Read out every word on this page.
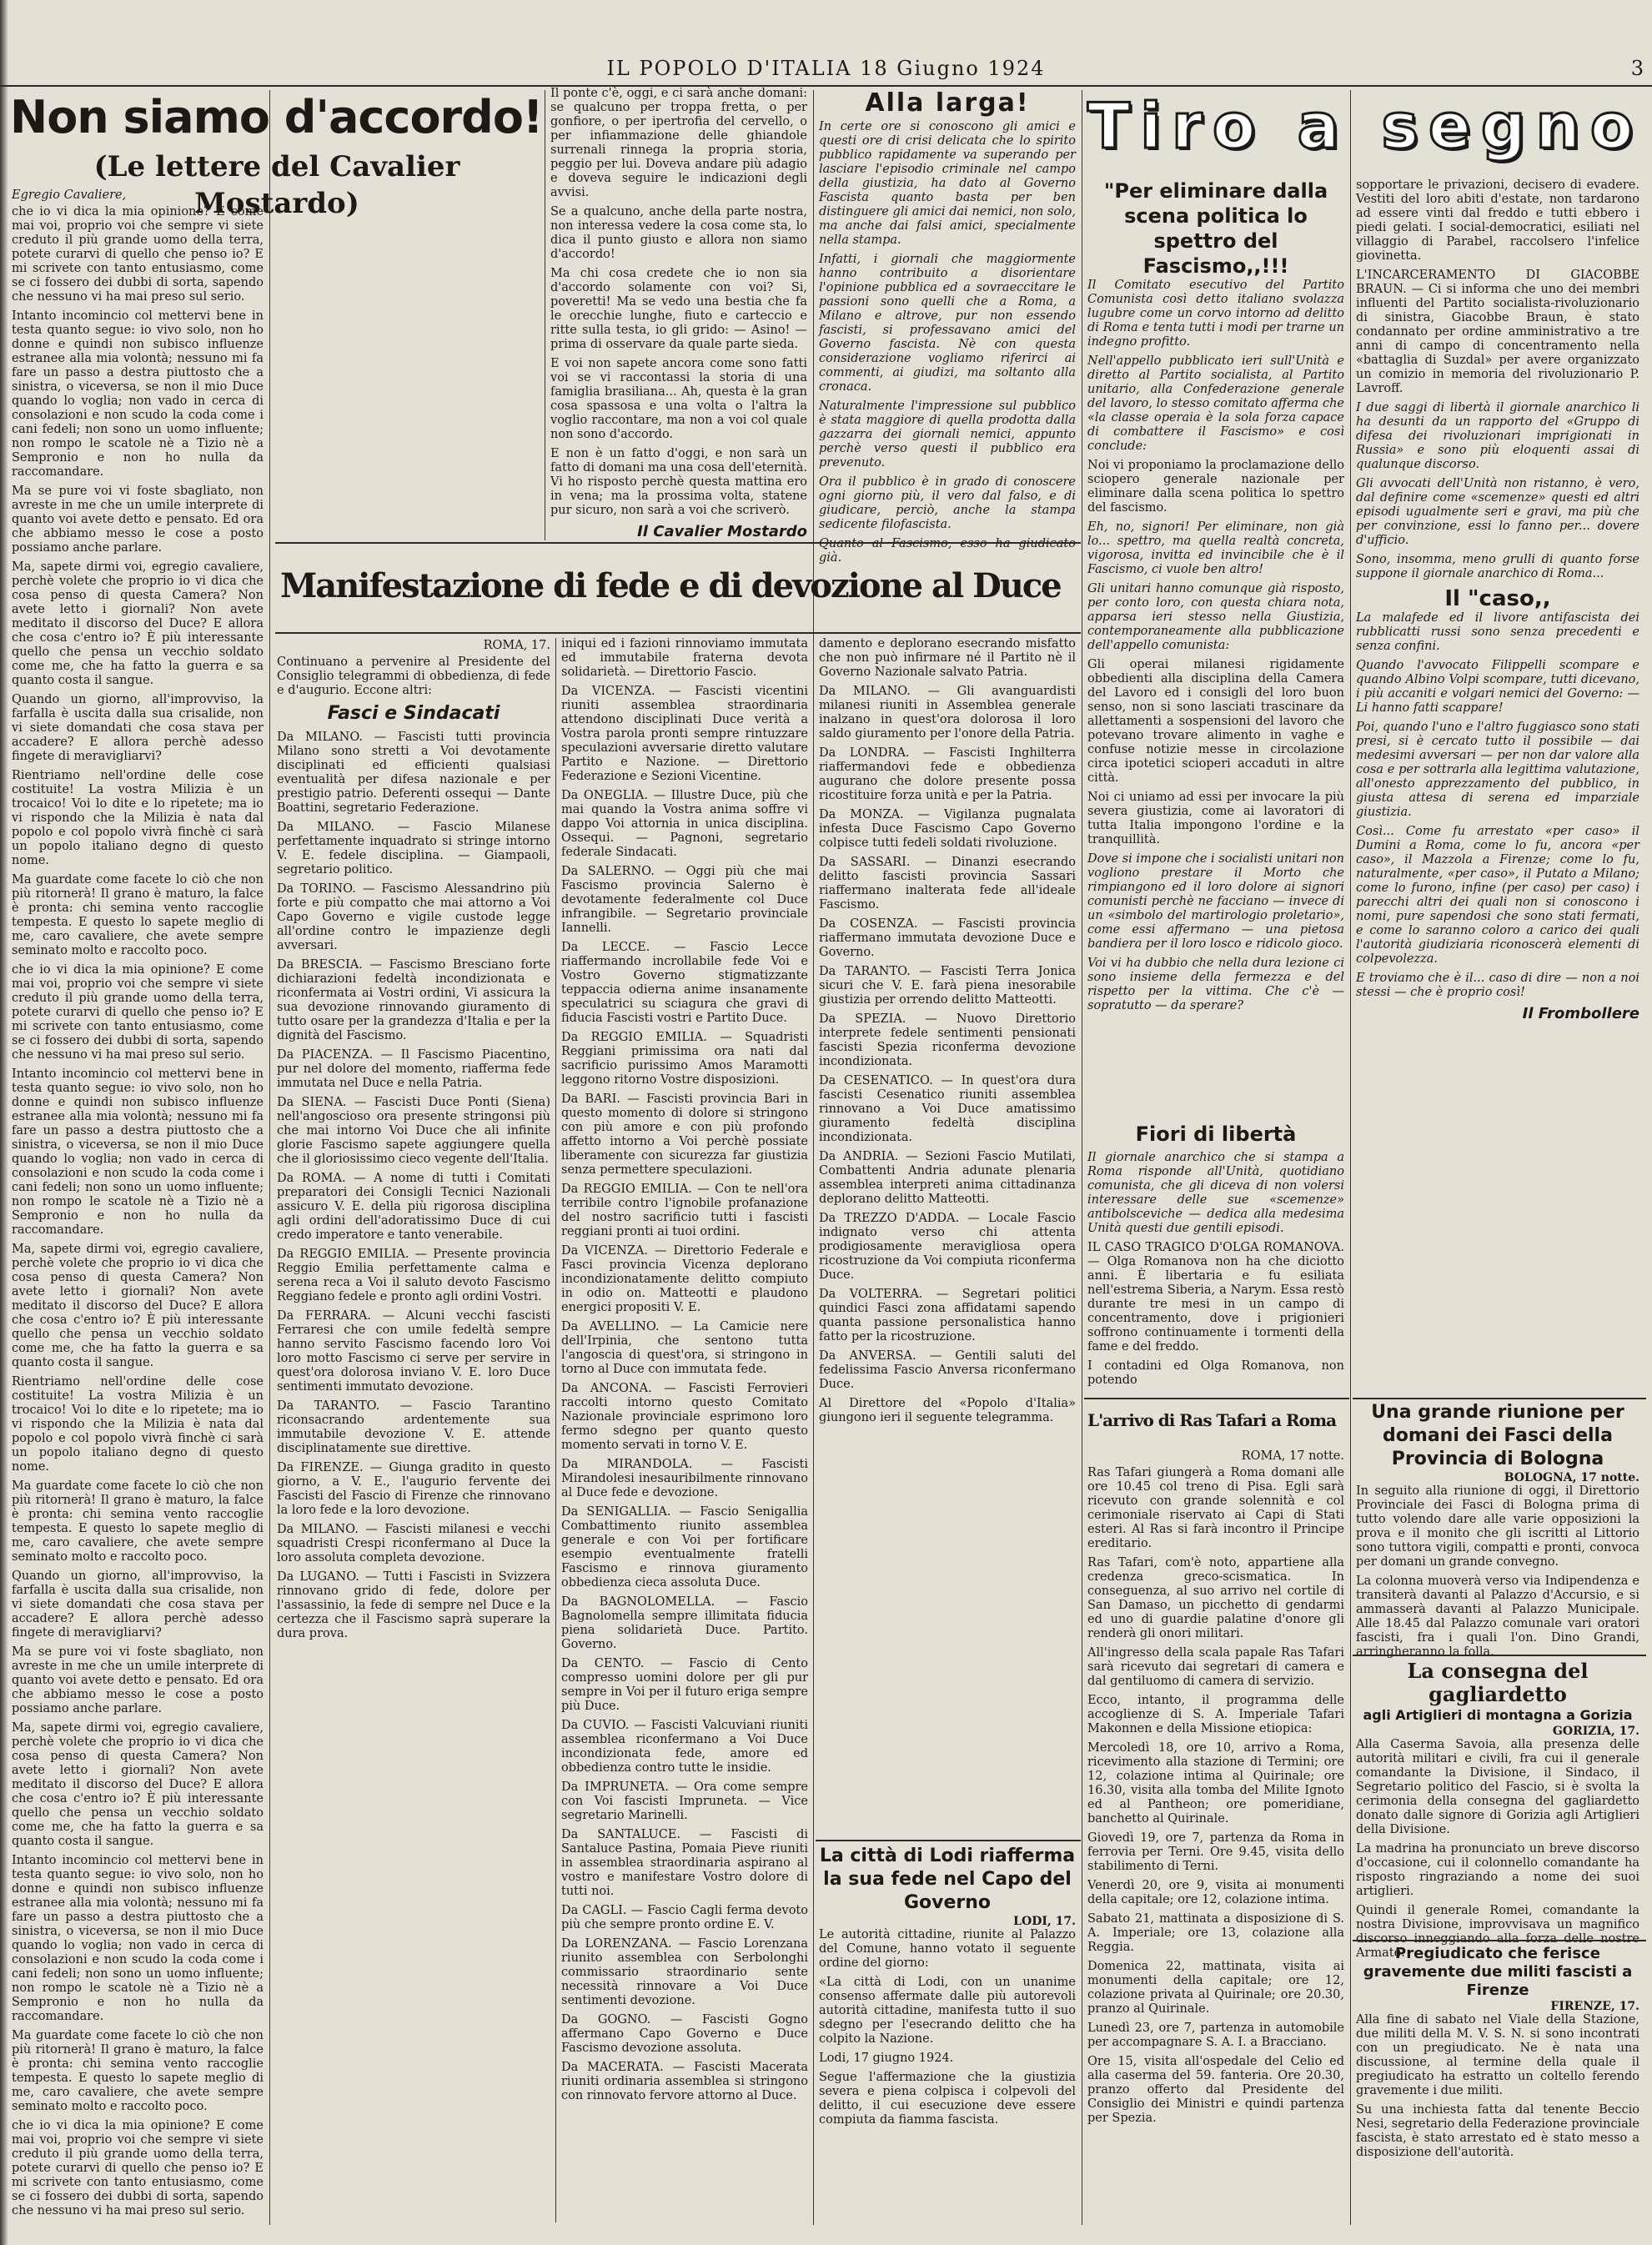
IL POPOLO D'ITALIA 18 Giugno 1924	3
Non siamo d'accordo!
(Le lettere del Cavalier Mostardo)
Egregio Cavaliere,

che io vi dica la mia opinione? E come mai voi, proprio voi che sempre vi siete creduto il più grande uomo della terra, potete curarvi di quello che penso io? E mi scrivete con tanto entusiasmo, come se ci fossero dei dubbi di sorta, sapendo che nessuno vi ha mai preso sul serio.

Intanto incomincio col mettervi bene in testa quanto segue: io vivo solo, non ho donne e quindi non subisco influenze estranee alla mia volontà; nessuno mi fa fare un passo a destra piuttosto che a sinistra, o viceversa, se non il mio Duce quando lo voglia; non vado in cerca di consolazioni e non scudo la coda come i cani fedeli; non sono un uomo influente; non rompo le scatole nè a Tizio nè a Sempronio e non ho nulla da raccomandare.

Ma se pure voi vi foste sbagliato, non avreste in me che un umile interprete di quanto voi avete detto e pensato. Ed ora che abbiamo messo le cose a posto possiamo anche parlare.

Ma, sapete dirmi voi, egregio cavaliere, perchè volete che proprio io vi dica che cosa penso di questa Camera? Non avete letto i giornali? Non avete meditato il discorso del Duce? E allora che cosa c'entro io? È più interessante quello che pensa un vecchio soldato come me, che ha fatto la guerra e sa quanto costa il sangue.

Quando un giorno, all'improvviso, la farfalla è uscita dalla sua crisalide, non vi siete domandati che cosa stava per accadere? E allora perchè adesso fingete di meravigliarvi?

Rientriamo nell'ordine delle cose costituite! La vostra Milizia è un trocaico! Voi lo dite e lo ripetete; ma io vi rispondo che la Milizia è nata dal popolo e col popolo vivrà finchè ci sarà un popolo italiano degno di questo nome.

Ma guardate come facete lo ciò che non più ritornerà! Il grano è maturo, la falce è pronta: chi semina vento raccoglie tempesta. E questo lo sapete meglio di me, caro cavaliere, che avete sempre seminato molto e raccolto poco.

che io vi dica la mia opinione? E come mai voi, proprio voi che sempre vi siete creduto il più grande uomo della terra, potete curarvi di quello che penso io? E mi scrivete con tanto entusiasmo, come se ci fossero dei dubbi di sorta, sapendo che nessuno vi ha mai preso sul serio.

Intanto incomincio col mettervi bene in testa quanto segue: io vivo solo, non ho donne e quindi non subisco influenze estranee alla mia volontà; nessuno mi fa fare un passo a destra piuttosto che a sinistra, o viceversa, se non il mio Duce quando lo voglia; non vado in cerca di consolazioni e non scudo la coda come i cani fedeli; non sono un uomo influente; non rompo le scatole nè a Tizio nè a Sempronio e non ho nulla da raccomandare.

Ma, sapete dirmi voi, egregio cavaliere, perchè volete che proprio io vi dica che cosa penso di questa Camera? Non avete letto i giornali? Non avete meditato il discorso del Duce? E allora che cosa c'entro io? È più interessante quello che pensa un vecchio soldato come me, che ha fatto la guerra e sa quanto costa il sangue.

Rientriamo nell'ordine delle cose costituite! La vostra Milizia è un trocaico! Voi lo dite e lo ripetete; ma io vi rispondo che la Milizia è nata dal popolo e col popolo vivrà finchè ci sarà un popolo italiano degno di questo nome.

Ma guardate come facete lo ciò che non più ritornerà! Il grano è maturo, la falce è pronta: chi semina vento raccoglie tempesta. E questo lo sapete meglio di me, caro cavaliere, che avete sempre seminato molto e raccolto poco.

Quando un giorno, all'improvviso, la farfalla è uscita dalla sua crisalide, non vi siete domandati che cosa stava per accadere? E allora perchè adesso fingete di meravigliarvi?

Ma se pure voi vi foste sbagliato, non avreste in me che un umile interprete di quanto voi avete detto e pensato. Ed ora che abbiamo messo le cose a posto possiamo anche parlare.

Ma, sapete dirmi voi, egregio cavaliere, perchè volete che proprio io vi dica che cosa penso di questa Camera? Non avete letto i giornali? Non avete meditato il discorso del Duce? E allora che cosa c'entro io? È più interessante quello che pensa un vecchio soldato come me, che ha fatto la guerra e sa quanto costa il sangue.

Intanto incomincio col mettervi bene in testa quanto segue: io vivo solo, non ho donne e quindi non subisco influenze estranee alla mia volontà; nessuno mi fa fare un passo a destra piuttosto che a sinistra, o viceversa, se non il mio Duce quando lo voglia; non vado in cerca di consolazioni e non scudo la coda come i cani fedeli; non sono un uomo influente; non rompo le scatole nè a Tizio nè a Sempronio e non ho nulla da raccomandare.

Ma guardate come facete lo ciò che non più ritornerà! Il grano è maturo, la falce è pronta: chi semina vento raccoglie tempesta. E questo lo sapete meglio di me, caro cavaliere, che avete sempre seminato molto e raccolto poco.

che io vi dica la mia opinione? E come mai voi, proprio voi che sempre vi siete creduto il più grande uomo della terra, potete curarvi di quello che penso io? E mi scrivete con tanto entusiasmo, come se ci fossero dei dubbi di sorta, sapendo che nessuno vi ha mai preso sul serio.

Il ponte c'è, oggi, e ci sarà anche domani: se qualcuno per troppa fretta, o per gonfiore, o per ipertrofia del cervello, o per infiammazione delle ghiandole surrenali rinnega la propria storia, peggio per lui. Doveva andare più adagio e doveva seguire le indicazioni degli avvisi.

Se a qualcuno, anche della parte nostra, non interessa vedere la cosa come sta, lo dica il punto giusto e allora non siamo d'accordo!

Ma chi cosa credete che io non sia d'accordo solamente con voi? Si, poveretti! Ma se vedo una bestia che fa le orecchie lunghe, fiuto e carteccio e ritte sulla testa, io gli grido: — Asino! — prima di osservare da quale parte sieda.

E voi non sapete ancora come sono fatti voi se vi raccontassi la storia di una famiglia brasiliana... Ah, questa è la gran cosa spassosa e una volta o l'altra la voglio raccontare, ma non a voi col quale non sono d'accordo.

E non è un fatto d'oggi, e non sarà un fatto di domani ma una cosa dell'eternità. Vi ho risposto perchè questa mattina ero in vena; ma la prossima volta, statene pur sicuro, non sarà a voi che scriverò.

Il Cavalier Mostardo
Alla larga!

In certe ore si conoscono gli amici e questi ore di crisi delicata che lo spirito pubblico rapidamente va superando per lasciare l'episodio criminale nel campo della giustizia, ha dato al Governo Fascista quanto basta per ben distinguere gli amici dai nemici, non solo, ma anche dai falsi amici, specialmente nella stampa.

Infatti, i giornali che maggiormente hanno contribuito a disorientare l'opinione pubblica ed a sovraeccitare le passioni sono quelli che a Roma, a Milano e altrove, pur non essendo fascisti, si professavano amici del Governo fascista. Nè con questa considerazione vogliamo riferirci ai commenti, ai giudizi, ma soltanto alla cronaca.

Naturalmente l'impressione sul pubblico è stata maggiore di quella prodotta dalla gazzarra dei giornali nemici, appunto perchè verso questi il pubblico era prevenuto.

Ora il pubblico è in grado di conoscere ogni giorno più, il vero dal falso, e di giudicare, perciò, anche la stampa sedicente filofascista.

Quanto al Fascismo, esso ha giudicato già.

Tiro a segno
"Per eliminare dalla scena politica lo spettro del Fascismo,,!!!

Il Comitato esecutivo del Partito Comunista così detto italiano svolazza lugubre come un corvo intorno ad delitto di Roma e tenta tutti i modi per trarne un indegno profitto.

Nell'appello pubblicato ieri sull'Unità e diretto al Partito socialista, al Partito unitario, alla Confederazione generale del lavoro, lo stesso comitato afferma che «la classe operaia è la sola forza capace di combattere il Fascismo» e così conclude:

Noi vi proponiamo la proclamazione dello sciopero generale nazionale per eliminare dalla scena politica lo spettro del fascismo.

Eh, no, signori! Per eliminare, non già lo... spettro, ma quella realtà concreta, vigorosa, invitta ed invincibile che è il Fascismo, ci vuole ben altro!

Gli unitari hanno comunque già risposto, per conto loro, con questa chiara nota, apparsa ieri stesso nella Giustizia, contemporaneamente alla pubblicazione dell'appello comunista:

Gli operai milanesi rigidamente obbedienti alla disciplina della Camera del Lavoro ed i consigli del loro buon senso, non si sono lasciati trascinare da allettamenti a sospensioni del lavoro che potevano trovare alimento in vaghe e confuse notizie messe in circolazione circa ipotetici scioperi accaduti in altre città.

Noi ci uniamo ad essi per invocare la più severa giustizia, come ai lavoratori di tutta Italia impongono l'ordine e la tranquillità.

Dove si impone che i socialisti unitari non vogliono prestare il Morto che rimpiangono ed il loro dolore ai signori comunisti perchè ne facciano — invece di un «simbolo del martirologio proletario», come essi affermano — una pietosa bandiera per il loro losco e ridicolo gioco.

Voi vi ha dubbio che nella dura lezione ci sono insieme della fermezza e del rispetto per la vittima. Che c'è — sopratutto — da sperare?

Fiori di libertà

Il giornale anarchico che si stampa a Roma risponde all'Unità, quotidiano comunista, che gli diceva di non volersi interessare delle sue «scemenze» antibolsceviche — dedica alla medesima Unità questi due gentili episodi.

IL CASO TRAGICO D'OLGA ROMANOVA. — Olga Romanova non ha che diciotto anni. È libertaria e fu esiliata nell'estrema Siberia, a Narym. Essa restò durante tre mesi in un campo di concentramento, dove i prigionieri soffrono continuamente i tormenti della fame e del freddo.

I contadini ed Olga Romanova, non potendo

sopportare le privazioni, decisero di evadere. Vestiti del loro abiti d'estate, non tardarono ad essere vinti dal freddo e tutti ebbero i piedi gelati. I social-democratici, esiliati nel villaggio di Parabel, raccolsero l'infelice giovinetta.

L'INCARCERAMENTO DI GIACOBBE BRAUN. — Ci si informa che uno dei membri influenti del Partito socialista-rivoluzionario di sinistra, Giacobbe Braun, è stato condannato per ordine amministrativo a tre anni di campo di concentramento nella «battaglia di Suzdal» per avere organizzato un comizio in memoria del rivoluzionario P. Lavroff.

I due saggi di libertà il giornale anarchico li ha desunti da un rapporto del «Gruppo di difesa dei rivoluzionari imprigionati in Russia» e sono più eloquenti assai di qualunque discorso.

Gli avvocati dell'Unità non ristanno, è vero, dal definire come «scemenze» questi ed altri episodi ugualmente seri e gravi, ma più che per convinzione, essi lo fanno per... dovere d'ufficio.

Sono, insomma, meno grulli di quanto forse suppone il giornale anarchico di Roma...

Il "caso,,

La malafede ed il livore antifascista dei rubblicatti russi sono senza precedenti e senza confini.

Quando l'avvocato Filippelli scompare e quando Albino Volpi scompare, tutti dicevano, i più accaniti e volgari nemici del Governo: — Li hanno fatti scappare!

Poi, quando l'uno e l'altro fuggiasco sono stati presi, si è cercato tutto il possibile — dai medesimi avversari — per non dar valore alla cosa e per sottrarla alla legittima valutazione, all'onesto apprezzamento del pubblico, in giusta attesa di serena ed imparziale giustizia.

Così... Come fu arrestato «per caso» il Dumini a Roma, come lo fu, ancora «per caso», il Mazzola a Firenze; come lo fu, naturalmente, «per caso», il Putato a Milano; come lo furono, infine (per caso) per caso) i parecchi altri dei quali non si conoscono i nomi, pure sapendosi che sono stati fermati, e come lo saranno coloro a carico dei quali l'autorità giudiziaria riconoscerà elementi di colpevolezza.

E troviamo che è il... caso di dire — non a noi stessi — che è proprio così!

Il Frombollere
Manifestazione di fede e di devozione al Duce
ROMA, 17.

Continuano a pervenire al Presidente del Consiglio telegrammi di obbedienza, di fede e d'augurio. Eccone altri:

Fasci e Sindacati

Da MILANO. — Fascisti tutti provincia Milano sono stretti a Voi devotamente disciplinati ed efficienti qualsiasi eventualità per difesa nazionale e per prestigio patrio. Deferenti ossequi — Dante Boattini, segretario Federazione.

Da MILANO. — Fascio Milanese perfettamente inquadrato si stringe intorno V. E. fedele disciplina. — Giampaoli, segretario politico.

Da TORINO. — Fascismo Alessandrino più forte e più compatto che mai attorno a Voi Capo Governo e vigile custode legge all'ordine contro le impazienze degli avversari.

Da BRESCIA. — Fascismo Bresciano forte dichiarazioni fedeltà incondizionata e riconfermata ai Vostri ordini, Vi assicura la sua devozione rinnovando giuramento di tutto osare per la grandezza d'Italia e per la dignità del Fascismo.

Da PIACENZA. — Il Fascismo Piacentino, pur nel dolore del momento, riafferma fede immutata nel Duce e nella Patria.

Da SIENA. — Fascisti Duce Ponti (Siena) nell'angoscioso ora presente stringonsi più che mai intorno Voi Duce che ali infinite glorie Fascismo sapete aggiungere quella che il gloriosissimo cieco vegente dell'Italia.

Da ROMA. — A nome di tutti i Comitati preparatori dei Consigli Tecnici Nazionali assicuro V. E. della più rigorosa disciplina agli ordini dell'adoratissimo Duce di cui credo imperatore e tanto venerabile.

Da REGGIO EMILIA. — Presente provincia Reggio Emilia perfettamente calma e serena reca a Voi il saluto devoto Fascismo Reggiano fedele e pronto agli ordini Vostri.

Da FERRARA. — Alcuni vecchi fascisti Ferraresi che con umile fedeltà sempre hanno servito Fascismo facendo loro Voi loro motto Fascismo ci serve per servire in quest'ora dolorosa inviano V. E. loro Duce sentimenti immutato devozione.

Da TARANTO. — Fascio Tarantino riconsacrando ardentemente sua immutabile devozione V. E. attende disciplinatamente sue direttive.

Da FIRENZE. — Giunga gradito in questo giorno, a V. E., l'augurio fervente dei Fascisti del Fascio di Firenze che rinnovano la loro fede e la loro devozione.

Da MILANO. — Fascisti milanesi e vecchi squadristi Crespi riconfermano al Duce la loro assoluta completa devozione.

Da LUGANO. — Tutti i Fascisti in Svizzera rinnovano grido di fede, dolore per l'assassinio, la fede di sempre nel Duce e la certezza che il Fascismo saprà superare la dura prova.

iniqui ed i fazioni rinnoviamo immutata ed immutabile fraterna devota solidarietà. — Direttorio Fascio.

Da VICENZA. — Fascisti vicentini riuniti assemblea straordinaria attendono disciplinati Duce verità a Vostra parola pronti sempre rintuzzare speculazioni avversarie diretto valutare Partito e Nazione. — Direttorio Federazione e Sezioni Vicentine.

Da ONEGLIA. — Illustre Duce, più che mai quando la Vostra anima soffre vi dappo Voi attornia in unica disciplina. Ossequi. — Pagnoni, segretario federale Sindacati.

Da SALERNO. — Oggi più che mai Fascismo provincia Salerno è devotamente federalmente col Duce infrangibile. — Segretario provinciale Iannelli.

Da LECCE. — Fascio Lecce riaffermando incrollabile fede Voi e Vostro Governo stigmatizzante teppaccia odierna anime insanamente speculatrici su sciagura che gravi di fiducia Fascisti vostri e Partito Duce.

Da REGGIO EMILIA. — Squadristi Reggiani primissima ora nati dal sacrificio purissimo Amos Maramotti leggono ritorno Vostre disposizioni.

Da BARI. — Fascisti provincia Bari in questo momento di dolore si stringono con più amore e con più profondo affetto intorno a Voi perchè possiate liberamente con sicurezza far giustizia senza permettere speculazioni.

Da REGGIO EMILIA. — Con te nell'ora terribile contro l'ignobile profanazione del nostro sacrificio tutti i fascisti reggiani pronti ai tuoi ordini.

Da VICENZA. — Direttorio Federale e Fasci provincia Vicenza deplorano incondizionatamente delitto compiuto in odio on. Matteotti e plaudono energici propositi V. E.

Da AVELLINO. — La Camicie nere dell'Irpinia, che sentono tutta l'angoscia di quest'ora, si stringono in torno al Duce con immutata fede.

Da ANCONA. — Fascisti Ferrovieri raccolti intorno questo Comitato Nazionale provinciale esprimono loro fermo sdegno per quanto questo momento servati in torno V. E.

Da MIRANDOLA. — Fascisti Mirandolesi inesauribilmente rinnovano al Duce fede e devozione.

Da SENIGALLIA. — Fascio Senigallia Combattimento riunito assemblea generale e con Voi per fortificare esempio eventualmente fratelli Fascismo e rinnova giuramento obbedienza cieca assoluta Duce.

Da BAGNOLOMELLA. — Fascio Bagnolomella sempre illimitata fiducia piena solidarietà Duce. Partito. Governo.

Da CENTO. — Fascio di Cento compresso uomini dolore per gli pur sempre in Voi per il futuro eriga sempre più Duce.

Da CUVIO. — Fascisti Valcuviani riuniti assemblea riconfermano a Voi Duce incondizionata fede, amore ed obbedienza contro tutte le insidie.

Da IMPRUNETA. — Ora come sempre con Voi fascisti Impruneta. — Vice segretario Marinelli.

Da SANTALUCE. — Fascisti di Santaluce Pastina, Pomaia Pieve riuniti in assemblea straordinaria aspirano al vostro e manifestare Vostro dolore di tutti noi.

Da CAGLI. — Fascio Cagli ferma devoto più che sempre pronto ordine E. V.

Da LORENZANA. — Fascio Lorenzana riunito assemblea con Serbolonghi commissario straordinario sente necessità rinnovare a Voi Duce sentimenti devozione.

Da GOGNO. — Fascisti Gogno affermano Capo Governo e Duce Fascismo devozione assoluta.

Da MACERATA. — Fascisti Macerata riuniti ordinaria assemblea si stringono con rinnovato fervore attorno al Duce.

damento e deplorano esecrando misfatto che non può infirmare né il Partito nè il Governo Nazionale salvato Patria.

Da MILANO. — Gli avanguardisti milanesi riuniti in Assemblea generale inalzano in quest'ora dolorosa il loro saldo giuramento per l'onore della Patria.

Da LONDRA. — Fascisti Inghilterra riaffermandovi fede e obbedienza augurano che dolore presente possa ricostituire forza unità e per la Patria.

Da MONZA. — Vigilanza pugnalata infesta Duce Fascismo Capo Governo colpisce tutti fedeli soldati rivoluzione.

Da SASSARI. — Dinanzi esecrando delitto fascisti provincia Sassari riaffermano inalterata fede all'ideale Fascismo.

Da COSENZA. — Fascisti provincia riaffermano immutata devozione Duce e Governo.

Da TARANTO. — Fascisti Terra Jonica sicuri che V. E. farà piena inesorabile giustizia per orrendo delitto Matteotti.

Da SPEZIA. — Nuovo Direttorio interprete fedele sentimenti pensionati fascisti Spezia riconferma devozione incondizionata.

Da CESENATICO. — In quest'ora dura fascisti Cesenatico riuniti assemblea rinnovano a Voi Duce amatissimo giuramento fedeltà disciplina incondizionata.

Da ANDRIA. — Sezioni Fascio Mutilati, Combattenti Andria adunate plenaria assemblea interpreti anima cittadinanza deplorano delitto Matteotti.

Da TREZZO D'ADDA. — Locale Fascio indignato verso chi attenta prodigiosamente meravigliosa opera ricostruzione da Voi compiuta riconferma Duce.

Da VOLTERRA. — Segretari politici quindici Fasci zona affidatami sapendo quanta passione personalistica hanno fatto per la ricostruzione.

Da ANVERSA. — Gentili saluti del fedelissima Fascio Anversa riconfermano Duce.

Al Direttore del «Popolo d'Italia» giungono ieri il seguente telegramma.

La città di Lodi riafferma la sua fede nel Capo del Governo
LODI, 17.

Le autorità cittadine, riunite al Palazzo del Comune, hanno votato il seguente ordine del giorno:

«La città di Lodi, con un unanime consenso affermate dalle più autorevoli autorità cittadine, manifesta tutto il suo sdegno per l'esecrando delitto che ha colpito la Nazione.

Lodi, 17 giugno 1924.

Segue l'affermazione che la giustizia severa e piena colpisca i colpevoli del delitto, il cui esecuzione deve essere compiuta da fiamma fascista.

L'arrivo di Ras Tafari a Roma
ROMA, 17 notte.

Ras Tafari giungerà a Roma domani alle ore 10.45 col treno di Pisa. Egli sarà ricevuto con grande solennità e col cerimoniale riservato ai Capi di Stati esteri. Al Ras si farà incontro il Principe ereditario.

Ras Tafari, com'è noto, appartiene alla credenza greco-scismatica. In conseguenza, al suo arrivo nel cortile di San Damaso, un picchetto di gendarmi ed uno di guardie palatine d'onore gli renderà gli onori militari.

All'ingresso della scala papale Ras Tafari sarà ricevuto dai segretari di camera e dal gentiluomo di camera di servizio.

Ecco, intanto, il programma delle accoglienze di S. A. Imperiale Tafari Makonnen e della Missione etiopica:

Mercoledì 18, ore 10, arrivo a Roma, ricevimento alla stazione di Termini; ore 12, colazione intima al Quirinale; ore 16.30, visita alla tomba del Milite Ignoto ed al Pantheon; ore pomeridiane, banchetto al Quirinale.

Giovedì 19, ore 7, partenza da Roma in ferrovia per Terni. Ore 9.45, visita dello stabilimento di Terni.

Venerdì 20, ore 9, visita ai monumenti della capitale; ore 12, colazione intima.

Sabato 21, mattinata a disposizione di S. A. Imperiale; ore 13, colazione alla Reggia.

Domenica 22, mattinata, visita ai monumenti della capitale; ore 12, colazione privata al Quirinale; ore 20.30, pranzo al Quirinale.

Lunedì 23, ore 7, partenza in automobile per accompagnare S. A. I. a Bracciano.

Ore 15, visita all'ospedale del Celio ed alla caserma del 59. fanteria. Ore 20.30, pranzo offerto dal Presidente del Consiglio dei Ministri e quindi partenza per Spezia.

Una grande riunione per domani dei Fasci della Provincia di Bologna
BOLOGNA, 17 notte.

In seguito alla riunione di oggi, il Direttorio Provinciale dei Fasci di Bologna prima di tutto volendo dare alle varie opposizioni la prova e il monito che gli iscritti al Littorio sono tuttora vigili, compatti e pronti, convoca per domani un grande convegno.

La colonna muoverà verso via Indipendenza e transiterà davanti al Palazzo d'Accursio, e si ammasserà davanti al Palazzo Municipale. Alle 18.45 dal Palazzo comunale vari oratori fascisti, fra i quali l'on. Dino Grandi, arringheranno la folla.

La consegna del gagliardetto
agli Artiglieri di montagna a Gorizia
GORIZIA, 17.

Alla Caserma Savoia, alla presenza delle autorità militari e civili, fra cui il generale comandante la Divisione, il Sindaco, il Segretario politico del Fascio, si è svolta la cerimonia della consegna del gagliardetto donato dalle signore di Gorizia agli Artiglieri della Divisione.

La madrina ha pronunciato un breve discorso d'occasione, cui il colonnello comandante ha risposto ringraziando a nome dei suoi artiglieri.

Quindi il generale Romei, comandante la nostra Divisione, improvvisava un magnifico discorso inneggiando alla forza delle nostre Armate.

Pregiudicato che ferisce gravemente due militi fascisti a Firenze
FIRENZE, 17.

Alla fine di sabato nel Viale della Stazione, due militi della M. V. S. N. si sono incontrati con un pregiudicato. Ne è nata una discussione, al termine della quale il pregiudicato ha estratto un coltello ferendo gravemente i due militi.

Su una inchiesta fatta dal tenente Beccio Nesi, segretario della Federazione provinciale fascista, è stato arrestato ed è stato messo a disposizione dell'autorità.
